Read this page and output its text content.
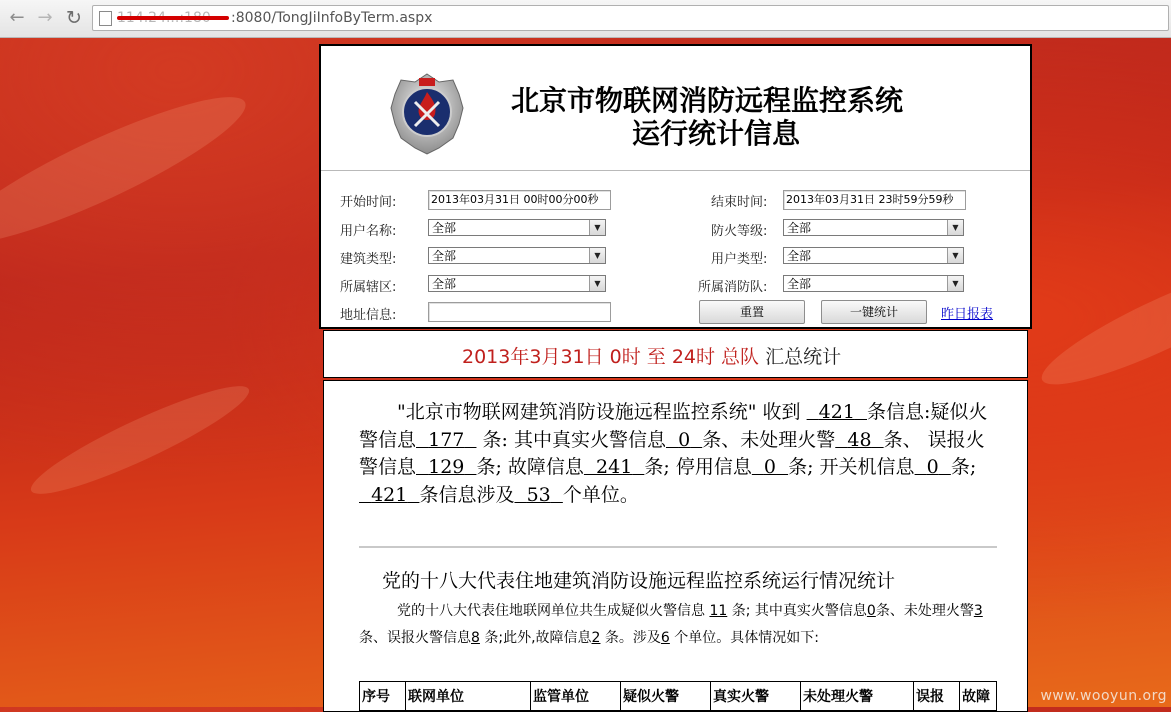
← → ↻	:8080/TongJiInfoByTerm.aspx
北京市物联网消防远程监控系统
运行统计信息
开始时间:	2013年03月31日 00时00分00秒	结束时间: 2013年03月31日 23时59分59秒
用户名称:	全部	▼	防火等级:	全部	▼
建筑类型:	全部	▼	用户类型:	全部	▼
所属辖区:	全部	▼	所属消防队:	全部	▼
地址信息:	重置	一键统计	昨日报表
2013年3月31日 0时 至 24时 总队 汇总统计
"北京市物联网建筑消防设施远程监控系统" 收到 421 条信息:疑似火警信息 177 条: 其中真实火警信息 0 条、未处理火警 48 条、 误报火警信息 129 条; 故障信息 241 条; 停用信息 0 条; 开关机信息 0 条;   421 条信息涉及 53 个单位。
党的十八大代表住地建筑消防设施远程监控系统运行情况统计
党的十八大代表住地联网单位共生成疑似火警信息 11 条; 其中真实火警信息0条、未处理火警3 条、误报火警信息8 条;此外,故障信息2 条。涉及6 个单位。具体情况如下:
序号	联网单位	监管单位	疑似火警	真实火警	未处理火警	误报	故障	www.wooyun.org
